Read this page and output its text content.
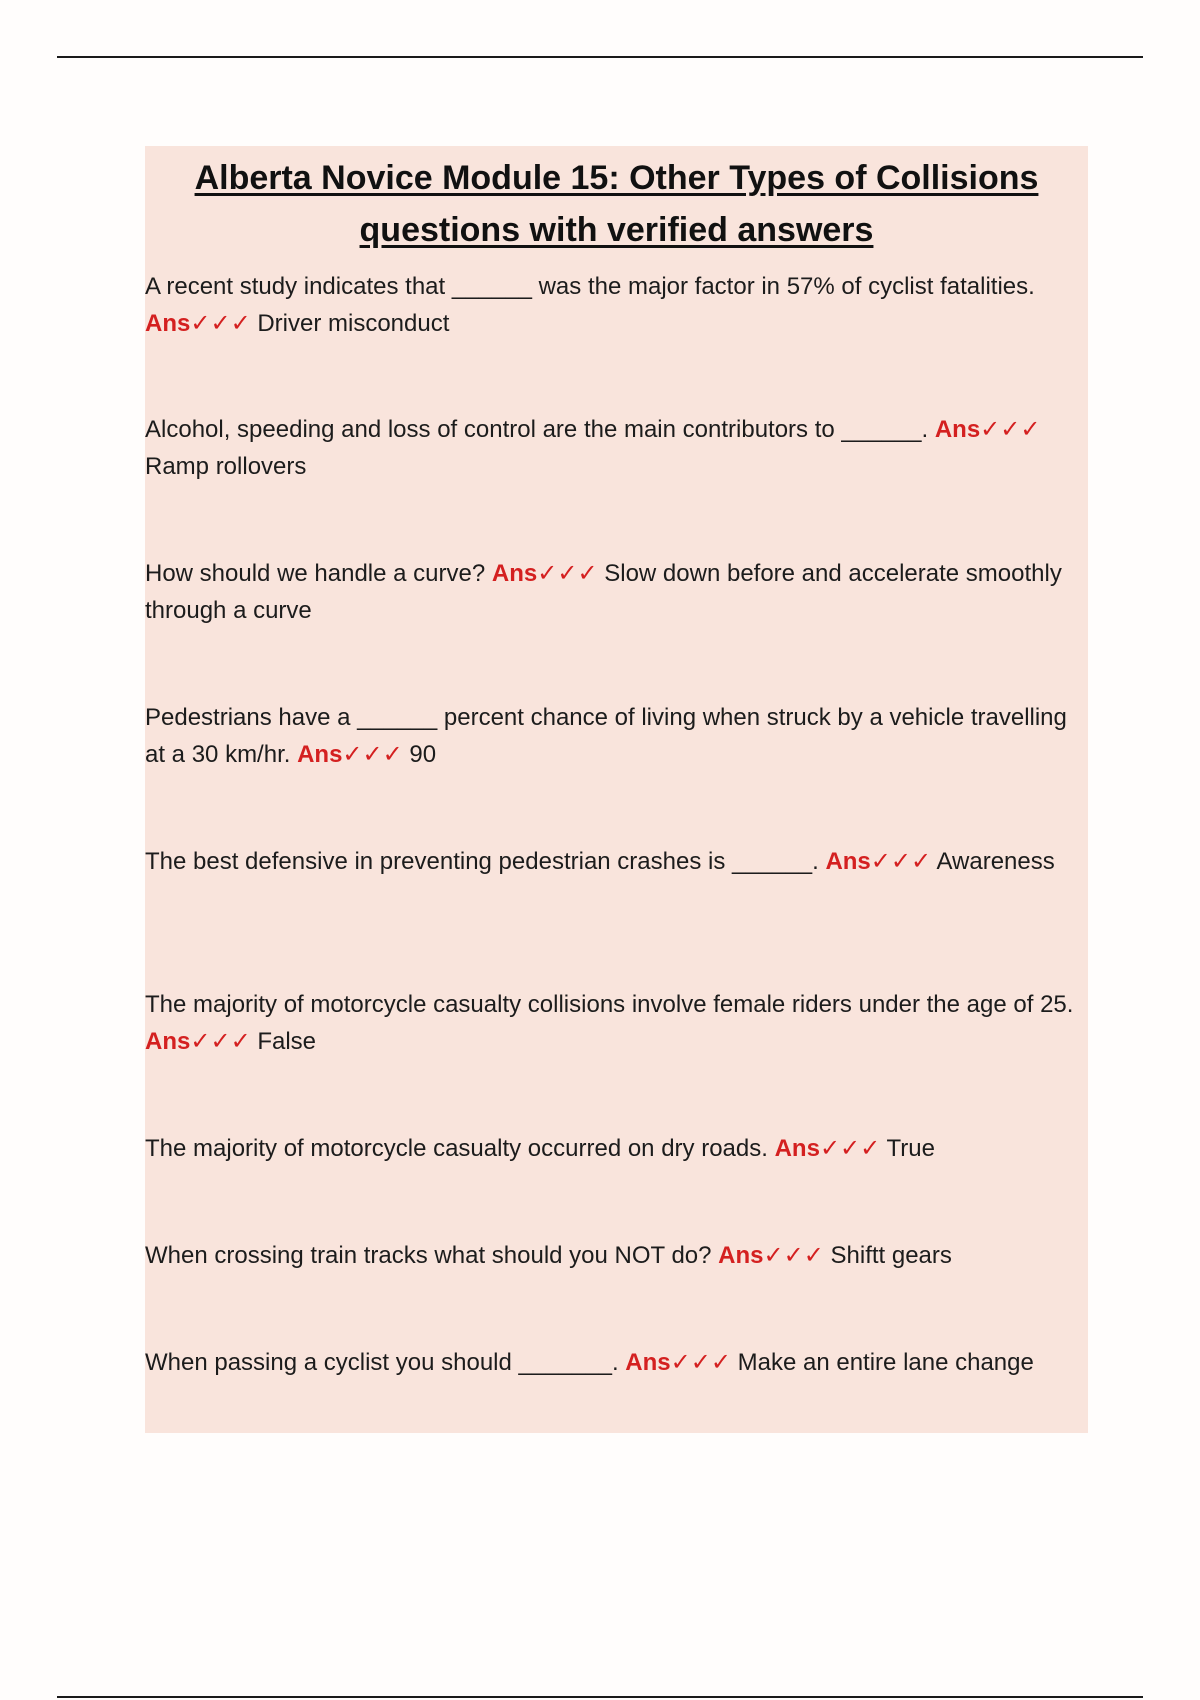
Alberta Novice Module 15: Other Types of Collisions
questions with verified answers

A recent study indicates that ______ was the major factor in 57% of cyclist fatalities. Ans✓✓✓ Driver misconduct

Alcohol, speeding and loss of control are the main contributors to ______. Ans✓✓✓ Ramp rollovers

How should we handle a curve? Ans✓✓✓ Slow down before and accelerate smoothly through a curve

Pedestrians have a ______ percent chance of living when struck by a vehicle travelling at a 30 km/hr. Ans✓✓✓ 90

The best defensive in preventing pedestrian crashes is ______. Ans✓✓✓ Awareness

The majority of motorcycle casualty collisions involve female riders under the age of 25. Ans✓✓✓ False

The majority of motorcycle casualty occurred on dry roads. Ans✓✓✓ True

When crossing train tracks what should you NOT do? Ans✓✓✓ Shiftt gears

When passing a cyclist you should _______. Ans✓✓✓ Make an entire lane change
